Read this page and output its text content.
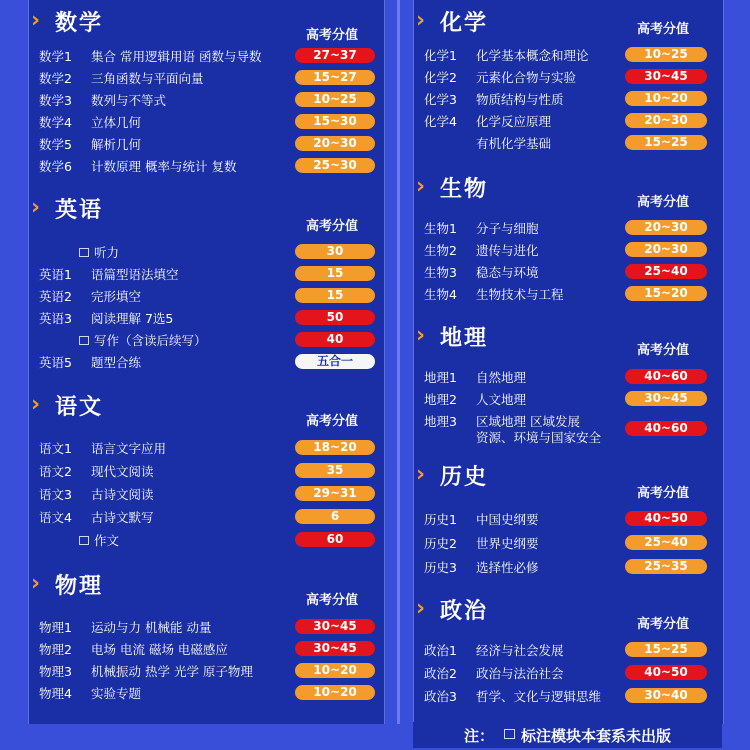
› 数学	高考分值
数学1 集合 常用逻辑用语 函数与导数	27~37
数学2 三角函数与平面向量	15~27
数学3 数列与不等式	10~25
数学4 立体几何	15~30
数学5 解析几何	20~30
数学6 计数原理 概率与统计 复数	25~30
› 英语
高考分值
听力	30
英语1 语篇型语法填空	15
英语2 完形填空	15
英语3 阅读理解 7选5	50
写作（含读后续写）	40
英语5 题型合练	五合一
› 语文
高考分值
语文1 语言文字应用	18~20
语文2 现代文阅读	35
语文3 古诗文阅读	29~31
语文4 古诗文默写	6
作文	60
› 物理
高考分值
物理1 运动与力 机械能 动量	30~45
物理2 电场 电流 磁场 电磁感应	30~45
物理3 机械振动 热学 光学 原子物理	10~20
物理4 实验专题	10~20
› 化学	高考分值
化学1 化学基本概念和理论	10~25
化学2 元素化合物与实验	30~45
化学3 物质结构与性质	10~20
化学4 化学反应原理	20~30
有机化学基础	15~25
› 生物
高考分值
生物1 分子与细胞	20~30
生物2 遗传与进化	20~30
生物3 稳态与环境	25~40
生物4 生物技术与工程	15~20
› 地理	高考分值
地理1 自然地理	40~60
地理2 人文地理	30~45
地理3 区域地理 区域发展
资源、环境与国家安全
40~60
› 历史
高考分值
历史1 中国史纲要	40~50
历史2 世界史纲要	25~40
历史3 选择性必修	25~35
› 政治
高考分值
政治1 经济与社会发展	15~25
政治2 政治与法治社会	40~50
政治3 哲学、文化与逻辑思维	30~40
注： 标注模块本套系未出版
